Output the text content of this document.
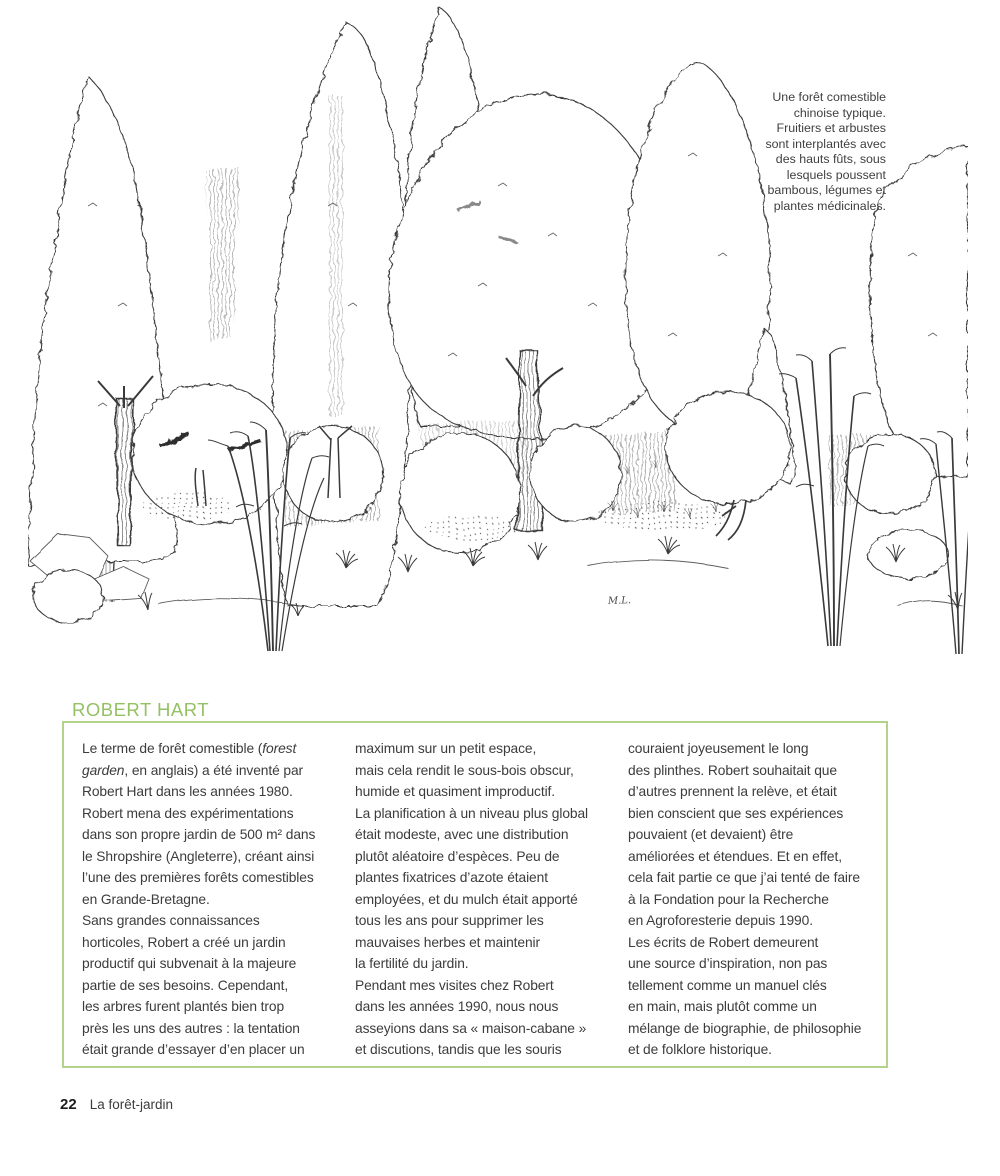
M.L.
Une forêt comestible
chinoise typique.
Fruitiers et arbustes
sont interplantés avec
des hauts fûts, sous
lesquels poussent
bambous, légumes et
plantes médicinales.
ROBERT HART
Le terme de forêt comestible (forest
garden, en anglais) a été inventé par
Robert Hart dans les années 1980.
Robert mena des expérimentations
dans son propre jardin de 500 m² dans
le Shropshire (Angleterre), créant ainsi
l’une des premières forêts comestibles
en Grande-Bretagne.
Sans grandes connaissances
horticoles, Robert a créé un jardin
productif qui subvenait à la majeure
partie de ses besoins. Cependant,
les arbres furent plantés bien trop
près les uns des autres : la tentation
était grande d’essayer d’en placer un
maximum sur un petit espace,
mais cela rendit le sous-bois obscur,
humide et quasiment improductif.
La planification à un niveau plus global
était modeste, avec une distribution
plutôt aléatoire d’espèces. Peu de
plantes fixatrices d’azote étaient
employées, et du mulch était apporté
tous les ans pour supprimer les
mauvaises herbes et maintenir
la fertilité du jardin.
Pendant mes visites chez Robert
dans les années 1990, nous nous
asseyions dans sa « maison-cabane »
et discutions, tandis que les souris
couraient joyeusement le long
des plinthes. Robert souhaitait que
d’autres prennent la relève, et était
bien conscient que ses expériences
pouvaient (et devaient) être
améliorées et étendues. Et en effet,
cela fait partie ce que j’ai tenté de faire
à la Fondation pour la Recherche
en Agroforesterie depuis 1990.
Les écrits de Robert demeurent
une source d’inspiration, non pas
tellement comme un manuel clés
en main, mais plutôt comme un
mélange de biographie, de philosophie
et de folklore historique.
22 La forêt-jardin
